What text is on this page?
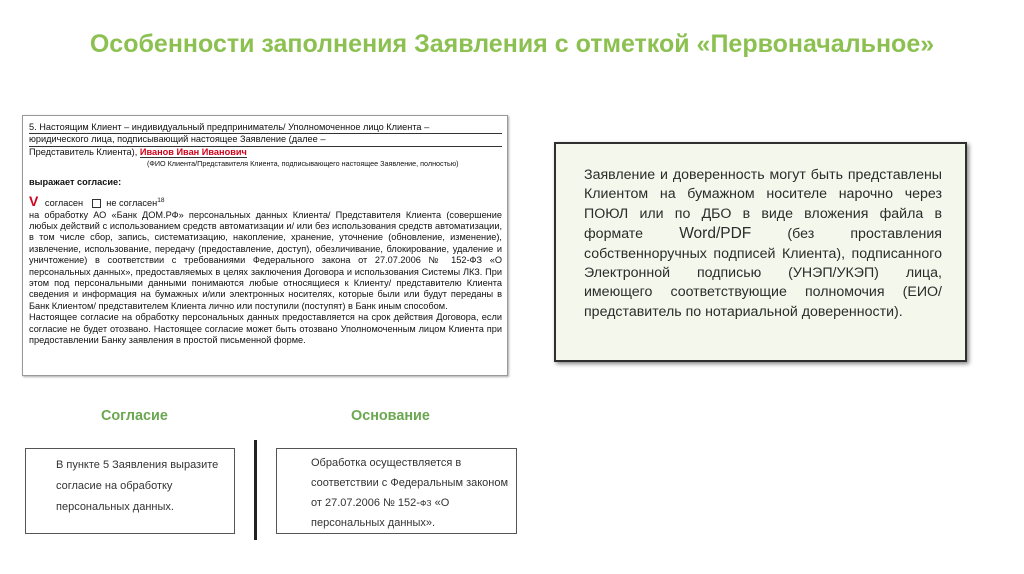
Особенности заполнения Заявления с отметкой «Первоначальное»
5. Настоящим Клиент – индивидуальный предприниматель/ Уполномоченное лицо Клиента –
юридического лица, подписывающий настоящее Заявление (далее –
Представитель Клиента), Иванов Иван Иванович
(ФИО Клиента/Представителя Клиента, подписывающего настоящее Заявление, полностью)
выражает согласие:
V согласен	не согласен$^{18}$
на обработку АО «Банк ДОМ.РФ» персональных данных Клиента/ Представителя Клиента (совершение любых действий с использованием средств автоматизации и/ или без использования средств автоматизации, в том числе сбор, запись, систематизацию, накопление, хранение, уточнение (обновление, изменение), извлечение, использование, передачу (предоставление, доступ), обезличивание, блокирование, удаление и уничтожение) в соответствии с требованиями Федерального закона от 27.07.2006 № 152-ФЗ «О персональных данных», предоставляемых в целях заключения Договора и использования Системы ЛКЗ. При этом под персональными данными понимаются любые относящиеся к Клиенту/ представителю Клиента сведения и информация на бумажных и/или электронных носителях, которые были или будут переданы в Банк Клиентом/ представителем Клиента лично или поступили (поступят) в Банк иным способом.
Настоящее согласие на обработку персональных данных предоставляется на срок действия Договора, если согласие не будет отозвано. Настоящее согласие может быть отозвано Уполномоченным лицом Клиента при предоставлении Банку заявления в простой письменной форме.
Заявление и доверенность могут быть представлены Клиентом на бумажном носителе нарочно через ПОЮЛ или по ДБО в виде вложения файла в формате Word/PDF	(без проставления собственноручных подписей Клиента), подписанного Электронной подписью (УНЭП/УКЭП) лица, имеющего соответствующие полномочия (ЕИО/ представитель по нотариальной доверенности).
Согласие	Основание
В пункте 5 Заявления выразите согласие на обработку персональных данных.
Обработка осуществляется в соответствии с Федеральным законом от 27.07.2006 № 152-ФЗ «О персональных данных».
